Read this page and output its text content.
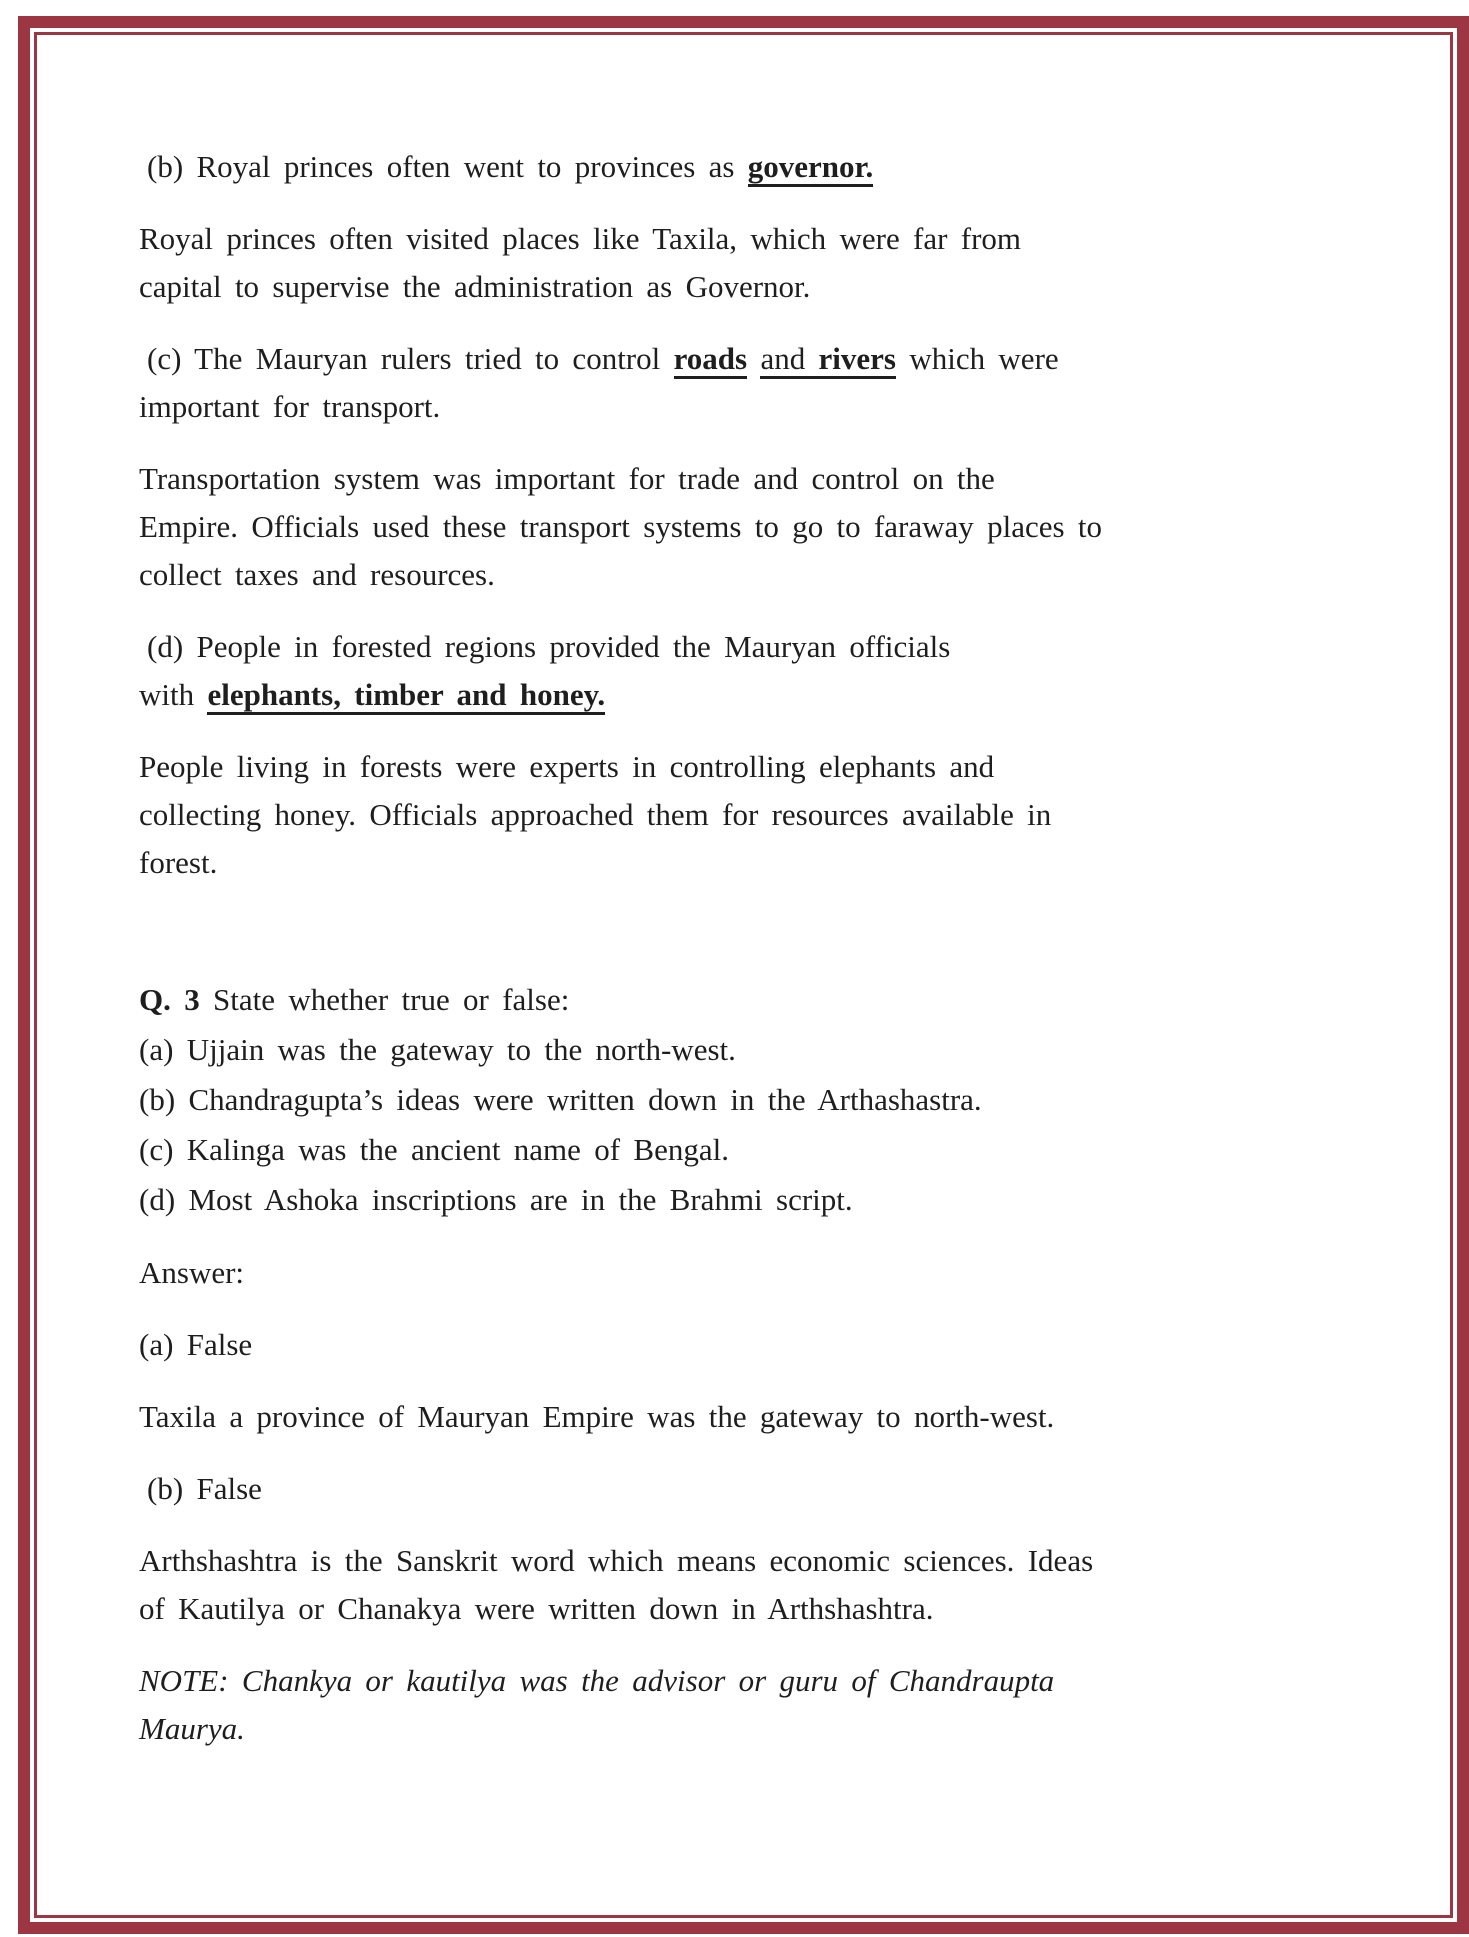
(b) Royal princes often went to provinces as governor.

Royal princes often visited places like Taxila, which were far from
capital to supervise the administration as Governor.

(c) The Mauryan rulers tried to control roads and rivers which were
important for transport.

Transportation system was important for trade and control on the
Empire. Officials used these transport systems to go to faraway places to
collect taxes and resources.

(d) People in forested regions provided the Mauryan officials
with elephants, timber and honey.

People living in forests were experts in controlling elephants and
collecting honey. Officials approached them for resources available in
forest.

Q. 3 State whether true or false:
(a) Ujjain was the gateway to the north-west.
(b) Chandragupta’s ideas were written down in the Arthashastra.
(c) Kalinga was the ancient name of Bengal.
(d) Most Ashoka inscriptions are in the Brahmi script.

Answer:

(a) False

Taxila a province of Mauryan Empire was the gateway to north-west.

(b) False

Arthshashtra is the Sanskrit word which means economic sciences. Ideas
of Kautilya or Chanakya were written down in Arthshashtra.

NOTE: Chankya or kautilya was the advisor or guru of Chandraupta
Maurya.
